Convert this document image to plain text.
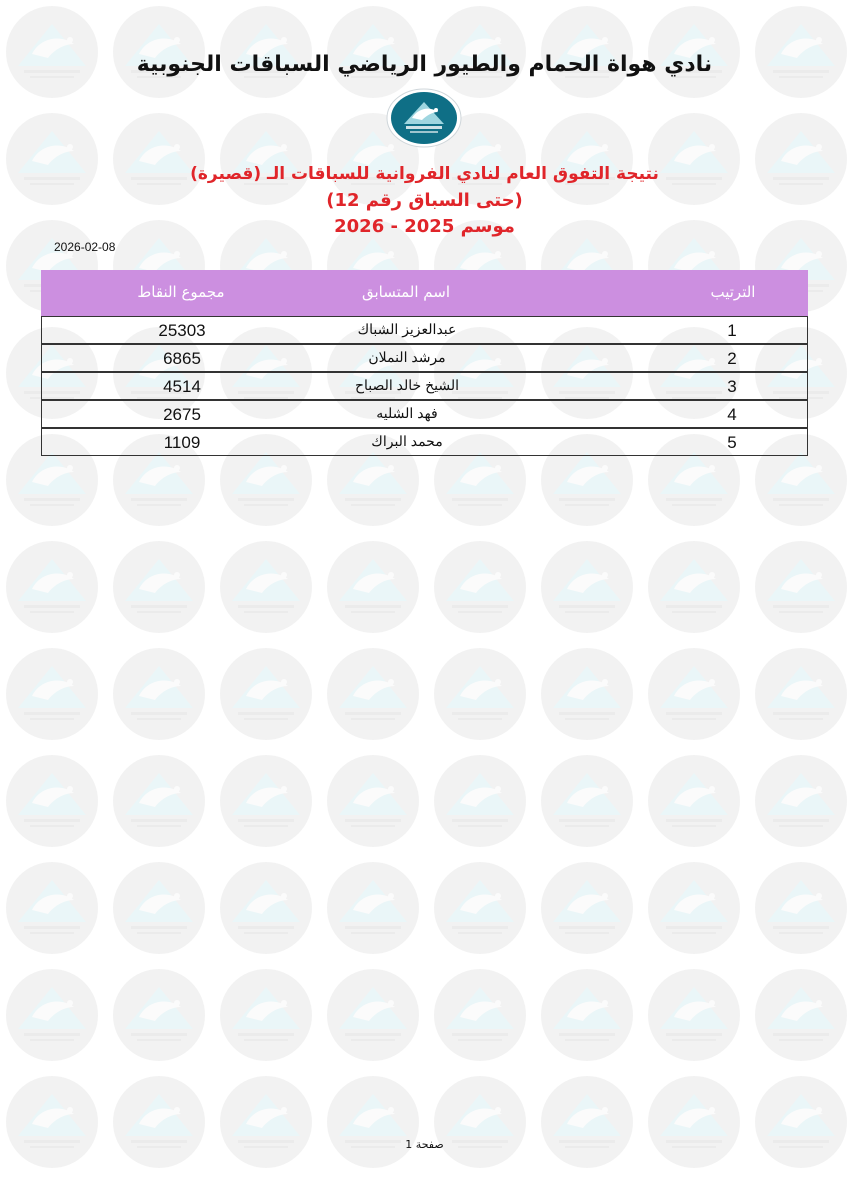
نادي هواة الحمام والطيور الرياضي السباقات الجنوبية
نتيجة التفوق العام لنادي الفروانية للسباقات الـ (قصيرة)
(حتى السباق رقم 12)
موسم 2025 - 2026
2026-02-08
الترتيب
اسم المتسابق
مجموع النقاط
1
عبدالعزيز الشباك
25303
2
مرشد النملان
6865
3
الشيخ خالد الصباح
4514
4
فهد الشليه
2675
5
محمد البراك
1109
صفحة 1
